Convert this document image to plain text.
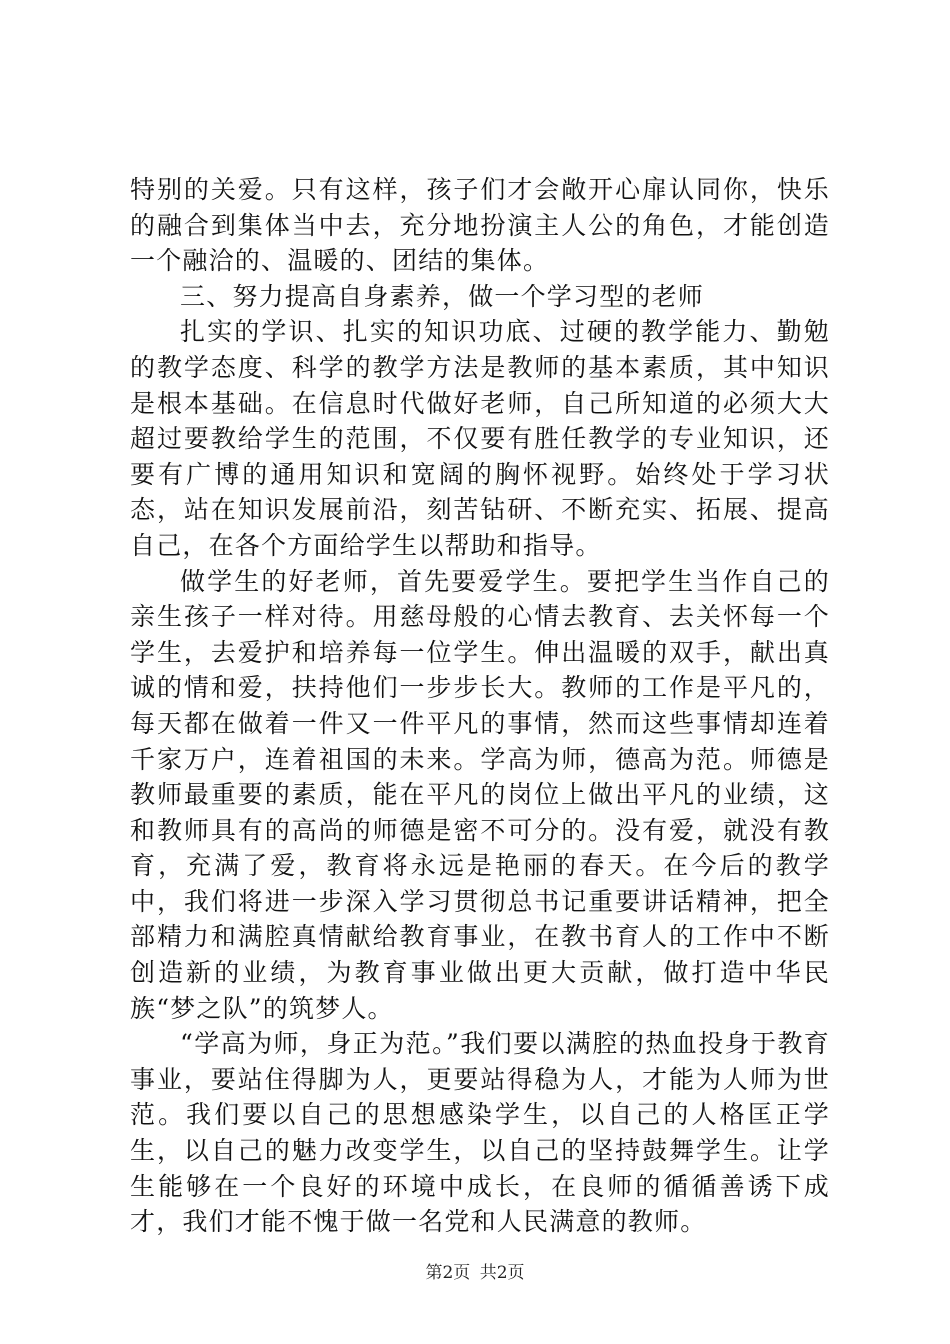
特别的关爱。只有这样，孩子们才会敞开心扉认同你，快乐的融合到集体当中去，充分地扮演主人公的角色，才能创造一个融洽的、温暖的、团结的集体。

三、努力提高自身素养，做一个学习型的老师

扎实的学识、扎实的知识功底、过硬的教学能力、勤勉的教学态度、科学的教学方法是教师的基本素质，其中知识是根本基础。在信息时代做好老师，自己所知道的必须大大超过要教给学生的范围，不仅要有胜任教学的专业知识，还要有广博的通用知识和宽阔的胸怀视野。始终处于学习状态，站在知识发展前沿，刻苦钻研、不断充实、拓展、提高自己，在各个方面给学生以帮助和指导。

做学生的好老师，首先要爱学生。要把学生当作自己的亲生孩子一样对待。用慈母般的心情去教育、去关怀每一个学生，去爱护和培养每一位学生。伸出温暖的双手，献出真诚的情和爱，扶持他们一步步长大。教师的工作是平凡的，每天都在做着一件又一件平凡的事情，然而这些事情却连着千家万户，连着祖国的未来。学高为师，德高为范。师德是教师最重要的素质，能在平凡的岗位上做出平凡的业绩，这和教师具有的高尚的师德是密不可分的。没有爱，就没有教育，充满了爱，教育将永远是艳丽的春天。在今后的教学中，我们将进一步深入学习贯彻总书记重要讲话精神，把全部精力和满腔真情献给教育事业，在教书育人的工作中不断创造新的业绩，为教育事业做出更大贡献，做打造中华民族“梦之队”的筑梦人。

“学高为师，身正为范。”我们要以满腔的热血投身于教育事业，要站住得脚为人，更要站得稳为人，才能为人师为世范。我们要以自己的思想感染学生，以自己的人格匡正学生，以自己的魅力改变学生，以自己的坚持鼓舞学生。让学生能够在一个良好的环境中成长，在良师的循循善诱下成才，我们才能不愧于做一名党和人民满意的教师。

第2页 共2页
